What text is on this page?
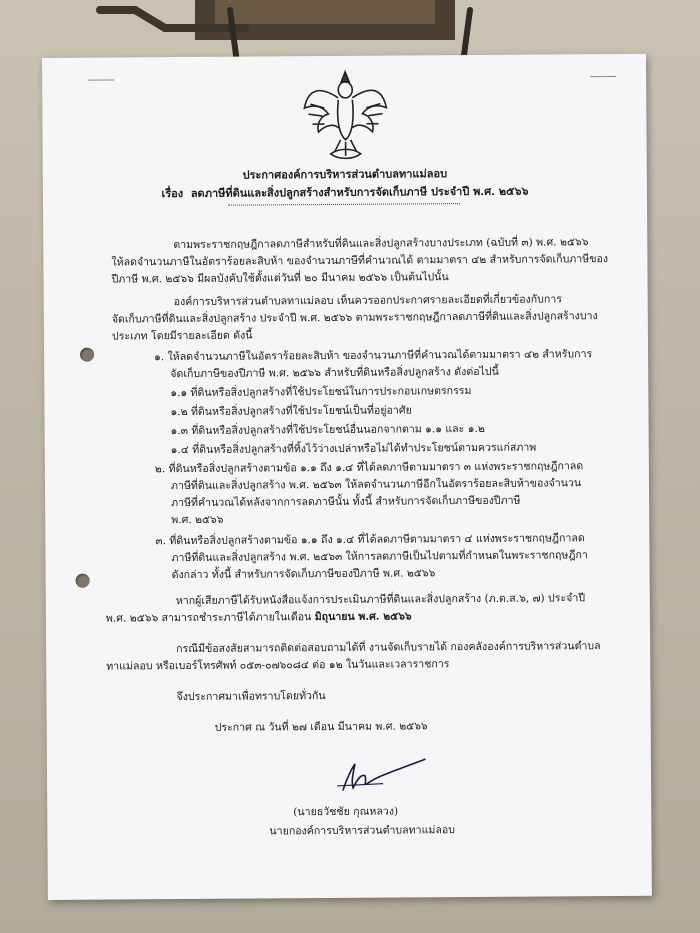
ประกาศองค์การบริหารส่วนตำบลทาแม่ลอบ
เรื่อง ลดภาษีที่ดินและสิ่งปลูกสร้างสำหรับการจัดเก็บภาษี ประจำปี พ.ศ. ๒๕๖๖

ตามพระราชกฤษฎีกาลดภาษีสำหรับที่ดินและสิ่งปลูกสร้างบางประเภท (ฉบับที่ ๓) พ.ศ. ๒๕๖๖

ให้ลดจำนวนภาษีในอัตราร้อยละสิบห้า ของจำนวนภาษีที่คำนวณได้ ตามมาตรา ๔๒ สำหรับการจัดเก็บภาษีของ

ปีภาษี พ.ศ. ๒๕๖๖ มีผลบังคับใช้ตั้งแต่วันที่ ๒๐ มีนาคม ๒๕๖๖ เป็นต้นไปนั้น

องค์การบริหารส่วนตำบลทาแม่ลอบ เห็นควรออกประกาศรายละเอียดที่เกี่ยวข้องกับการ

จัดเก็บภาษีที่ดินและสิ่งปลูกสร้าง ประจำปี พ.ศ. ๒๕๖๖ ตามพระราชกฤษฎีกาลดภาษีที่ดินและสิ่งปลูกสร้างบาง

ประเภท โดยมีรายละเอียด ดังนี้

๑. ให้ลดจำนวนภาษีในอัตราร้อยละสิบห้า ของจำนวนภาษีที่คำนวณได้ตามมาตรา ๔๒ สำหรับการ

จัดเก็บภาษีของปีภาษี พ.ศ. ๒๕๖๖ สำหรับที่ดินหรือสิ่งปลูกสร้าง ดังต่อไปนี้

๑.๑ ที่ดินหรือสิ่งปลูกสร้างที่ใช้ประโยชน์ในการประกอบเกษตรกรรม

๑.๒ ที่ดินหรือสิ่งปลูกสร้างที่ใช้ประโยชน์เป็นที่อยู่อาศัย

๑.๓ ที่ดินหรือสิ่งปลูกสร้างที่ใช้ประโยชน์อื่นนอกจากตาม ๑.๑ และ ๑.๒

๑.๔ ที่ดินหรือสิ่งปลูกสร้างที่ทิ้งไว้ว่างเปล่าหรือไม่ได้ทำประโยชน์ตามควรแก่สภาพ

๒. ที่ดินหรือสิ่งปลูกสร้างตามข้อ ๑.๑ ถึง ๑.๔ ที่ได้ลดภาษีตามมาตรา ๓ แห่งพระราชกฤษฎีกาลด

ภาษีที่ดินและสิ่งปลูกสร้าง พ.ศ. ๒๕๖๓ ให้ลดจำนวนภาษีอีกในอัตราร้อยละสิบห้าของจำนวน

ภาษีที่คำนวณได้หลังจากการลดภาษีนั้น ทั้งนี้ สำหรับการจัดเก็บภาษีของปีภาษี

พ.ศ. ๒๕๖๖

๓. ที่ดินหรือสิ่งปลูกสร้างตามข้อ ๑.๑ ถึง ๑.๔ ที่ได้ลดภาษีตามมาตรา ๔ แห่งพระราชกฤษฎีกาลด

ภาษีที่ดินและสิ่งปลูกสร้าง พ.ศ. ๒๕๖๓ ให้การลดภาษีเป็นไปตามที่กำหนดในพระราชกฤษฎีกา

ดังกล่าว ทั้งนี้ สำหรับการจัดเก็บภาษีของปีภาษี พ.ศ. ๒๕๖๖

หากผู้เสียภาษีได้รับหนังสือแจ้งการประเมินภาษีที่ดินและสิ่งปลูกสร้าง (ภ.ด.ส.๖, ๗) ประจำปี

พ.ศ. ๒๕๖๖ สามารถชำระภาษีได้ภายในเดือน มิถุนายน พ.ศ. ๒๕๖๖

กรณีมีข้อสงสัยสามารถติดต่อสอบถามได้ที่ งานจัดเก็บรายได้ กองคลังองค์การบริหารส่วนตำบล

ทาแม่ลอบ หรือเบอร์โทรศัพท์ ๐๕๓-๐๗๖๐๘๔ ต่อ ๑๒ ในวันและเวลาราชการ

จึงประกาศมาเพื่อทราบโดยทั่วกัน

ประกาศ ณ วันที่ ๒๗ เดือน มีนาคม พ.ศ. ๒๕๖๖

(นายธวัชชัย กุณหลวง)

นายกองค์การบริหารส่วนตำบลทาแม่ลอบ
